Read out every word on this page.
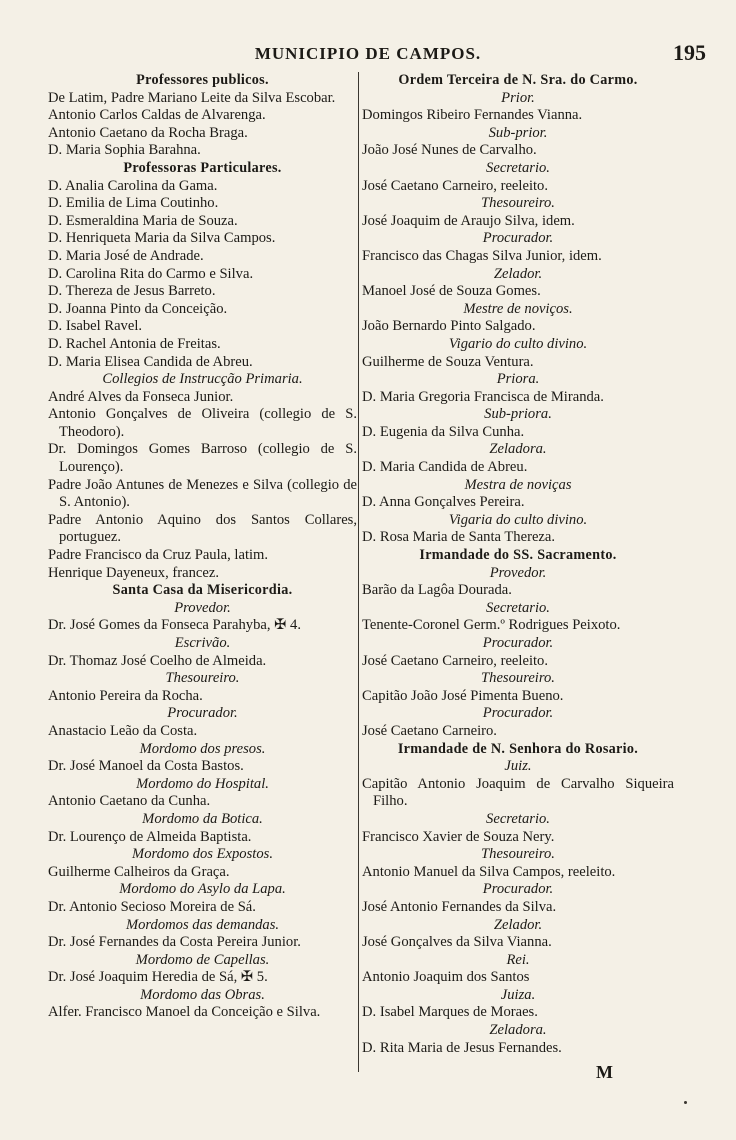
MUNICIPIO DE CAMPOS.	195
Professores publicos.
De Latim, Padre Mariano Leite da Silva Escobar.
Antonio Carlos Caldas de Alvarenga.
Antonio Caetano da Rocha Braga.
D. Maria Sophia Barahna.
Professoras Particulares.
D. Analia Carolina da Gama.
D. Emilia de Lima Coutinho.
D. Esmeraldina Maria de Souza.
D. Henriqueta Maria da Silva Campos.
D. Maria José de Andrade.
D. Carolina Rita do Carmo e Silva.
D. Thereza de Jesus Barreto.
D. Joanna Pinto da Conceição.
D. Isabel Ravel.
D. Rachel Antonia de Freitas.
D. Maria Elisea Candida de Abreu.
Collegios de Instrucção Primaria.
André Alves da Fonseca Junior.
Antonio Gonçalves de Oliveira (collegio de S. Theodoro).
Dr. Domingos Gomes Barroso (collegio de S. Lourenço).
Padre João Antunes de Menezes e Silva (collegio de S. Antonio).
Padre Antonio Aquino dos Santos Collares, portuguez.
Padre Francisco da Cruz Paula, latim.
Henrique Dayeneux, francez.
Santa Casa da Misericordia.
Provedor.
Dr. José Gomes da Fonseca Parahyba, ✠ 4.
Escrivão.
Dr. Thomaz José Coelho de Almeida.
Thesoureiro.
Antonio Pereira da Rocha.
Procurador.
Anastacio Leão da Costa.
Mordomo dos presos.
Dr. José Manoel da Costa Bastos.
Mordomo do Hospital.
Antonio Caetano da Cunha.
Mordomo da Botica.
Dr. Lourenço de Almeida Baptista.
Mordomo dos Expostos.
Guilherme Calheiros da Graça.
Mordomo do Asylo da Lapa.
Dr. Antonio Secioso Moreira de Sá.
Mordomos das demandas.
Dr. José Fernandes da Costa Pereira Junior.
Mordomo de Capellas.
Dr. José Joaquim Heredia de Sá, ✠ 5.
Mordomo das Obras.
Alfer. Francisco Manoel da Conceição e Silva.
Ordem Terceira de N. Sra. do Carmo.
Prior.
Domingos Ribeiro Fernandes Vianna.
Sub-prior.
João José Nunes de Carvalho.
Secretario.
José Caetano Carneiro, reeleito.
Thesoureiro.
José Joaquim de Araujo Silva, idem.
Procurador.
Francisco das Chagas Silva Junior, idem.
Zelador.
Manoel José de Souza Gomes.
Mestre de noviços.
João Bernardo Pinto Salgado.
Vigario do culto divino.
Guilherme de Souza Ventura.
Priora.
D. Maria Gregoria Francisca de Miranda.
Sub-priora.
D. Eugenia da Silva Cunha.
Zeladora.
D. Maria Candida de Abreu.
Mestra de noviças
D. Anna Gonçalves Pereira.
Vigaria do culto divino.
D. Rosa Maria de Santa Thereza.
Irmandade do SS. Sacramento.
Provedor.
Barão da Lagôa Dourada.
Secretario.
Tenente-Coronel Germ.º Rodrigues Peixoto.
Procurador.
José Caetano Carneiro, reeleito.
Thesoureiro.
Capitão João José Pimenta Bueno.
Procurador.
José Caetano Carneiro.
Irmandade de N. Senhora do Rosario.
Juiz.
Capitão Antonio Joaquim de Carvalho Siqueira Filho.
Secretario.
Francisco Xavier de Souza Nery.
Thesoureiro.
Antonio Manuel da Silva Campos, reeleito.
Procurador.
José Antonio Fernandes da Silva.
Zelador.
José Gonçalves da Silva Vianna.
Rei.
Antonio Joaquim dos Santos
Juiza.
D. Isabel Marques de Moraes.
Zeladora.
D. Rita Maria de Jesus Fernandes.
M
